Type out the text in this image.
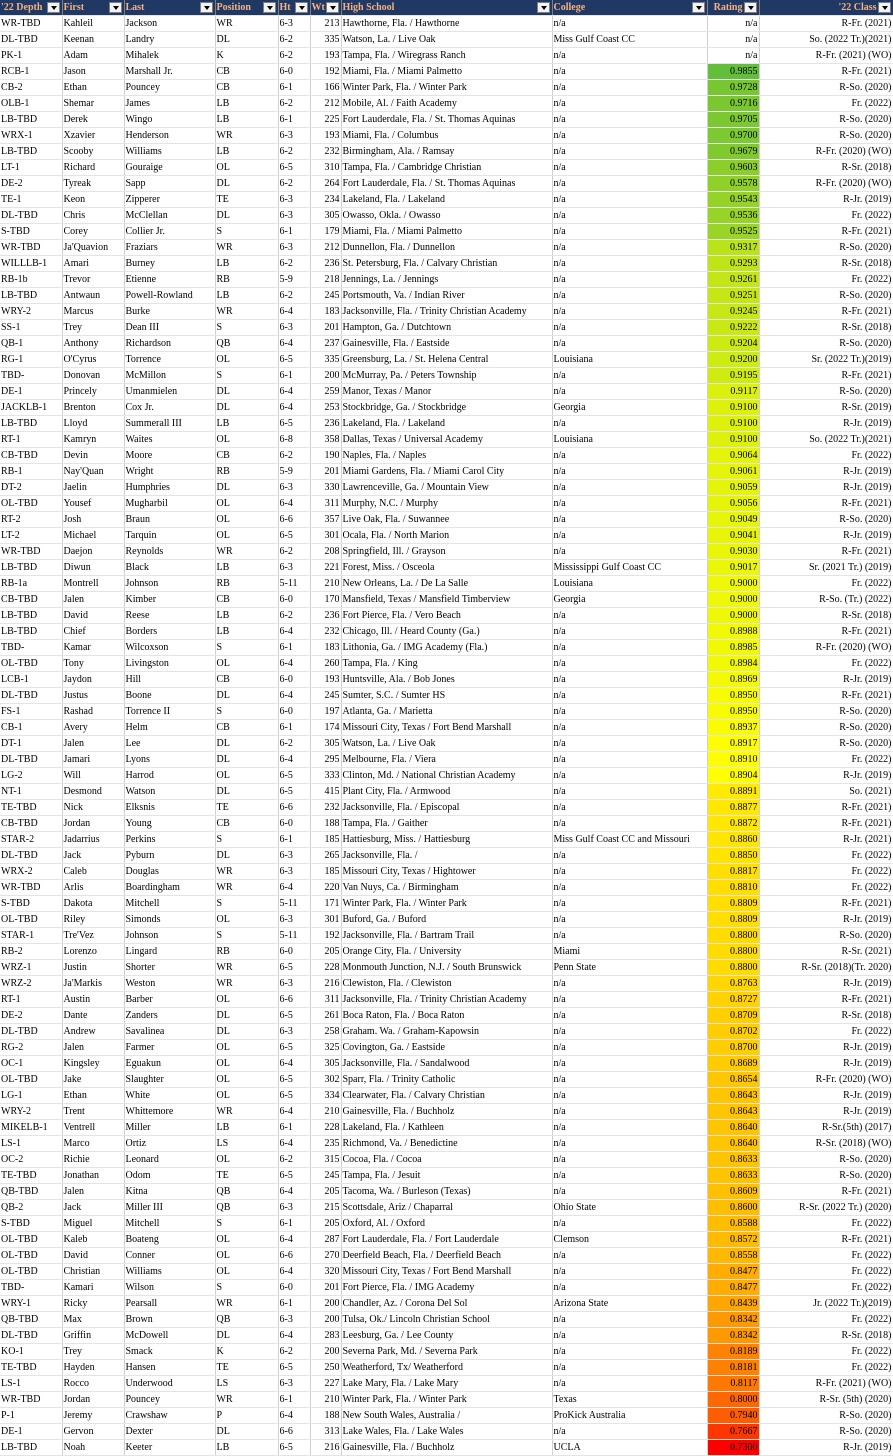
'22 Depth	First	Last	Position	Ht	Wt	High School	College	Rating	'22 Class

WR-TBD	Kahleil	Jackson	WR	6-3	213	Hawthorne, Fla. / Hawthorne	n/a	n/a	R-Fr. (2021)
DL-TBD	Keenan	Landry	DL	6-2	335	Watson, La. / Live Oak	Miss Gulf Coast CC	n/a	So. (2022 Tr.)(2021)
PK-1	Adam	Mihalek	K	6-2	193	Tampa, Fla. / Wiregrass Ranch	n/a	n/a	R-Fr. (2021) (WO)
RCB-1	Jason	Marshall Jr.	CB	6-0	192	Miami, Fla. / Miami Palmetto	n/a	0.9855	R-Fr. (2021)
CB-2	Ethan	Pouncey	CB	6-1	166	Winter Park, Fla. / Winter Park	n/a	0.9728	R-So. (2020)
OLB-1	Shemar	James	LB	6-2	212	Mobile, Al. / Faith Academy	n/a	0.9716	Fr. (2022)
LB-TBD	Derek	Wingo	LB	6-1	225	Fort Lauderdale, Fla. / St. Thomas Aquinas	n/a	0.9705	R-So. (2020)
WRX-1	Xzavier	Henderson	WR	6-3	193	Miami, Fla. / Columbus	n/a	0.9700	R-So. (2020)
LB-TBD	Scooby	Williams	LB	6-2	232	Birmingham, Ala. / Ramsay	n/a	0.9679	R-Fr. (2020) (WO)
LT-1	Richard	Gouraige	OL	6-5	310	Tampa, Fla. / Cambridge Christian	n/a	0.9603	R-Sr. (2018)
DE-2	Tyreak	Sapp	DL	6-2	264	Fort Lauderdale, Fla. / St. Thomas Aquinas	n/a	0.9578	R-Fr. (2020) (WO)
TE-1	Keon	Zipperer	TE	6-3	234	Lakeland, Fla. / Lakeland	n/a	0.9543	R-Jr. (2019)
DL-TBD	Chris	McClellan	DL	6-3	305	Owasso, Okla. / Owasso	n/a	0.9536	Fr. (2022)
S-TBD	Corey	Collier Jr.	S	6-1	179	Miami, Fla. / Miami Palmetto	n/a	0.9525	R-Fr. (2021)
WR-TBD	Ja'Quavion	Fraziars	WR	6-3	212	Dunnellon, Fla. / Dunnellon	n/a	0.9317	R-So. (2020)
WILLLB-1	Amari	Burney	LB	6-2	236	St. Petersburg, Fla. / Calvary Christian	n/a	0.9293	R-Sr. (2018)
RB-1b	Trevor	Etienne	RB	5-9	218	Jennings, La. / Jennings	n/a	0.9261	Fr. (2022)
LB-TBD	Antwaun	Powell-Rowland	LB	6-2	245	Portsmouth, Va. / Indian River	n/a	0.9251	R-So. (2020)
WRY-2	Marcus	Burke	WR	6-4	183	Jacksonville, Fla. / Trinity Christian Academy	n/a	0.9245	R-Fr. (2021)
SS-1	Trey	Dean III	S	6-3	201	Hampton, Ga. / Dutchtown	n/a	0.9222	R-Sr. (2018)
QB-1	Anthony	Richardson	QB	6-4	237	Gainesville, Fla. / Eastside	n/a	0.9204	R-So. (2020)
RG-1	O'Cyrus	Torrence	OL	6-5	335	Greensburg, La. / St. Helena Central	Louisiana	0.9200	Sr. (2022 Tr.)(2019)
TBD-	Donovan	McMillon	S	6-1	200	McMurray, Pa. / Peters Township	n/a	0.9195	R-Fr. (2021)
DE-1	Princely	Umanmielen	DL	6-4	259	Manor, Texas / Manor	n/a	0.9117	R-So. (2020)
JACKLB-1	Brenton	Cox Jr.	DL	6-4	253	Stockbridge, Ga. / Stockbridge	Georgia	0.9100	R-Sr. (2019)
LB-TBD	Lloyd	Summerall III	LB	6-5	236	Lakeland, Fla. / Lakeland	n/a	0.9100	R-Jr. (2019)
RT-1	Kamryn	Waites	OL	6-8	358	Dallas, Texas / Universal Academy	Louisiana	0.9100	So. (2022 Tr.)(2021)
CB-TBD	Devin	Moore	CB	6-2	190	Naples, Fla. / Naples	n/a	0.9064	Fr. (2022)
RB-1	Nay'Quan	Wright	RB	5-9	201	Miami Gardens, Fla. / Miami Carol City	n/a	0.9061	R-Jr. (2019)
DT-2	Jaelin	Humphries	DL	6-3	330	Lawrenceville, Ga. / Mountain View	n/a	0.9059	R-Jr. (2019)
OL-TBD	Yousef	Mugharbil	OL	6-4	311	Murphy, N.C. / Murphy	n/a	0.9056	R-Fr. (2021)
RT-2	Josh	Braun	OL	6-6	357	Live Oak, Fla. / Suwannee	n/a	0.9049	R-So. (2020)
LT-2	Michael	Tarquin	OL	6-5	301	Ocala, Fla. / North Marion	n/a	0.9041	R-Jr. (2019)
WR-TBD	Daejon	Reynolds	WR	6-2	208	Springfield, Ill. / Grayson	n/a	0.9030	R-Fr. (2021)
LB-TBD	Diwun	Black	LB	6-3	221	Forest, Miss. / Osceola	Mississippi Gulf Coast CC	0.9017	Sr. (2021 Tr.) (2019)
RB-1a	Montrell	Johnson	RB	5-11	210	New Orleans, La. / De La Salle	Louisiana	0.9000	Fr. (2022)
CB-TBD	Jalen	Kimber	CB	6-0	170	Mansfield, Texas / Mansfield Timberview	Georgia	0.9000	R-So. (Tr.) (2022)
LB-TBD	David	Reese	LB	6-2	236	Fort Pierce, Fla. / Vero Beach	n/a	0.9000	R-Sr. (2018)
LB-TBD	Chief	Borders	LB	6-4	232	Chicago, Ill. / Heard County (Ga.)	n/a	0.8988	R-Fr. (2021)
TBD-	Kamar	Wilcoxson	S	6-1	183	Lithonia, Ga. / IMG Academy (Fla.)	n/a	0.8985	R-Fr. (2020) (WO)
OL-TBD	Tony	Livingston	OL	6-4	260	Tampa, Fla. / King	n/a	0.8984	Fr. (2022)
LCB-1	Jaydon	Hill	CB	6-0	193	Huntsville, Ala. / Bob Jones	n/a	0.8969	R-Jr. (2019)
DL-TBD	Justus	Boone	DL	6-4	245	Sumter, S.C. / Sumter HS	n/a	0.8950	R-Fr. (2021)
FS-1	Rashad	Torrence II	S	6-0	197	Atlanta, Ga. / Marietta	n/a	0.8950	R-So. (2020)
CB-1	Avery	Helm	CB	6-1	174	Missouri City, Texas / Fort Bend Marshall	n/a	0.8937	R-So. (2020)
DT-1	Jalen	Lee	DL	6-2	305	Watson, La. / Live Oak	n/a	0.8917	R-So. (2020)
DL-TBD	Jamari	Lyons	DL	6-4	295	Melbourne, Fla. / Viera	n/a	0.8910	Fr. (2022)
LG-2	Will	Harrod	OL	6-5	333	Clinton, Md. / National Christian Academy	n/a	0.8904	R-Jr. (2019)
NT-1	Desmond	Watson	DL	6-5	415	Plant City, Fla. / Armwood	n/a	0.8891	So. (2021)
TE-TBD	Nick	Elksnis	TE	6-6	232	Jacksonville, Fla. / Episcopal	n/a	0.8877	R-Fr. (2021)
CB-TBD	Jordan	Young	CB	6-0	188	Tampa, Fla. / Gaither	n/a	0.8872	R-Fr. (2021)
STAR-2	Jadarrius	Perkins	S	6-1	185	Hattiesburg, Miss. / Hattiesburg	Miss Gulf Coast CC and Missouri	0.8860	R-Jr. (2021)
DL-TBD	Jack	Pyburn	DL	6-3	265	Jacksonville, Fla. /	n/a	0.8850	Fr. (2022)
WRX-2	Caleb	Douglas	WR	6-3	185	Missouri City, Texas / Hightower	n/a	0.8817	Fr. (2022)
WR-TBD	Arlis	Boardingham	WR	6-4	220	Van Nuys, Ca. / Birmingham	n/a	0.8810	Fr. (2022)
S-TBD	Dakota	Mitchell	S	5-11	171	Winter Park, Fla. / Winter Park	n/a	0.8809	R-Fr. (2021)
OL-TBD	Riley	Simonds	OL	6-3	301	Buford, Ga. / Buford	n/a	0.8809	R-Jr. (2019)
STAR-1	Tre'Vez	Johnson	S	5-11	192	Jacksonville, Fla. / Bartram Trail	n/a	0.8800	R-So. (2020)
RB-2	Lorenzo	Lingard	RB	6-0	205	Orange City, Fla. / University	Miami	0.8800	R-Sr. (2021)
WRZ-1	Justin	Shorter	WR	6-5	228	Monmouth Junction, N.J. / South Brunswick	Penn State	0.8800	R-Sr. (2018)(Tr. 2020)
WRZ-2	Ja'Markis	Weston	WR	6-3	216	Clewiston, Fla. / Clewiston	n/a	0.8763	R-Jr. (2019)
RT-1	Austin	Barber	OL	6-6	311	Jacksonville, Fla. / Trinity Christian Academy	n/a	0.8727	R-Fr. (2021)
DE-2	Dante	Zanders	DL	6-5	261	Boca Raton, Fla. / Boca Raton	n/a	0.8709	R-Sr. (2018)
DL-TBD	Andrew	Savalinea	DL	6-3	258	Graham. Wa. / Graham-Kapowsin	n/a	0.8702	Fr. (2022)
RG-2	Jalen	Farmer	OL	6-5	325	Covington, Ga. / Eastside	n/a	0.8700	R-Jr. (2019)
OC-1	Kingsley	Eguakun	OL	6-4	305	Jacksonville, Fla. / Sandalwood	n/a	0.8689	R-Jr. (2019)
OL-TBD	Jake	Slaughter	OL	6-5	302	Sparr, Fla. / Trinity Catholic	n/a	0.8654	R-Fr. (2020) (WO)
LG-1	Ethan	White	OL	6-5	334	Clearwater, Fla. / Calvary Christian	n/a	0.8643	R-Jr. (2019)
WRY-2	Trent	Whittemore	WR	6-4	210	Gainesville, Fla. / Buchholz	n/a	0.8643	R-Jr. (2019)
MIKELB-1	Ventrell	Miller	LB	6-1	228	Lakeland, Fla. / Kathleen	n/a	0.8640	R-Sr.(5th) (2017)
LS-1	Marco	Ortiz	LS	6-4	235	Richmond, Va. / Benedictine	n/a	0.8640	R-Sr. (2018) (WO)
OC-2	Richie	Leonard	OL	6-2	315	Cocoa, Fla. / Cocoa	n/a	0.8633	R-So. (2020)
TE-TBD	Jonathan	Odom	TE	6-5	245	Tampa, Fla. / Jesuit	n/a	0.8633	R-So. (2020)
QB-TBD	Jalen	Kitna	QB	6-4	205	Tacoma, Wa. / Burleson (Texas)	n/a	0.8609	R-Fr. (2021)
QB-2	Jack	Miller III	QB	6-3	215	Scottsdale, Ariz / Chaparral	Ohio State	0.8600	R-Sr. (2022 Tr.) (2020)
S-TBD	Miguel	Mitchell	S	6-1	205	Oxford, Al. / Oxford	n/a	0.8588	Fr. (2022)
OL-TBD	Kaleb	Boateng	OL	6-4	287	Fort Lauderdale, Fla. / Fort Lauderdale	Clemson	0.8572	R-Fr. (2021)
OL-TBD	David	Conner	OL	6-6	270	Deerfield Beach, Fla. / Deerfield Beach	n/a	0.8558	Fr. (2022)
OL-TBD	Christian	Williams	OL	6-4	320	Missouri City, Texas / Fort Bend Marshall	n/a	0.8477	Fr. (2022)
TBD-	Kamari	Wilson	S	6-0	201	Fort Pierce, Fla. / IMG Academy	n/a	0.8477	Fr. (2022)
WRY-1	Ricky	Pearsall	WR	6-1	200	Chandler, Az. / Corona Del Sol	Arizona State	0.8439	Jr. (2022 Tr.)(2019)
QB-TBD	Max	Brown	QB	6-3	200	Tulsa, Ok./ Lincoln Christian School	n/a	0.8342	Fr. (2022)
DL-TBD	Griffin	McDowell	DL	6-4	283	Leesburg, Ga. / Lee County	n/a	0.8342	R-Sr. (2018)
KO-1	Trey	Smack	K	6-2	200	Severna Park, Md. / Severna Park	n/a	0.8189	Fr. (2022)
TE-TBD	Hayden	Hansen	TE	6-5	250	Weatherford, Tx/ Weatherford	n/a	0.8181	Fr. (2022)
LS-1	Rocco	Underwood	LS	6-3	227	Lake Mary, Fla. / Lake Mary	n/a	0.8117	R-Fr. (2021) (WO)
WR-TBD	Jordan	Pouncey	WR	6-1	210	Winter Park, Fla. / Winter Park	Texas	0.8000	R-Sr. (5th) (2020)
P-1	Jeremy	Crawshaw	P	6-4	188	New South Wales, Australia /	ProKick Australia	0.7940	R-So. (2020)
DE-1	Gervon	Dexter	DL	6-6	313	Lake Wales, Fla. / Lake Wales	n/a	0.7667	R-So. (2020)
LB-TBD	Noah	Keeter	LB	6-5	216	Gainesville, Fla. / Buchholz	UCLA	0.7300	R-Jr. (2019)
